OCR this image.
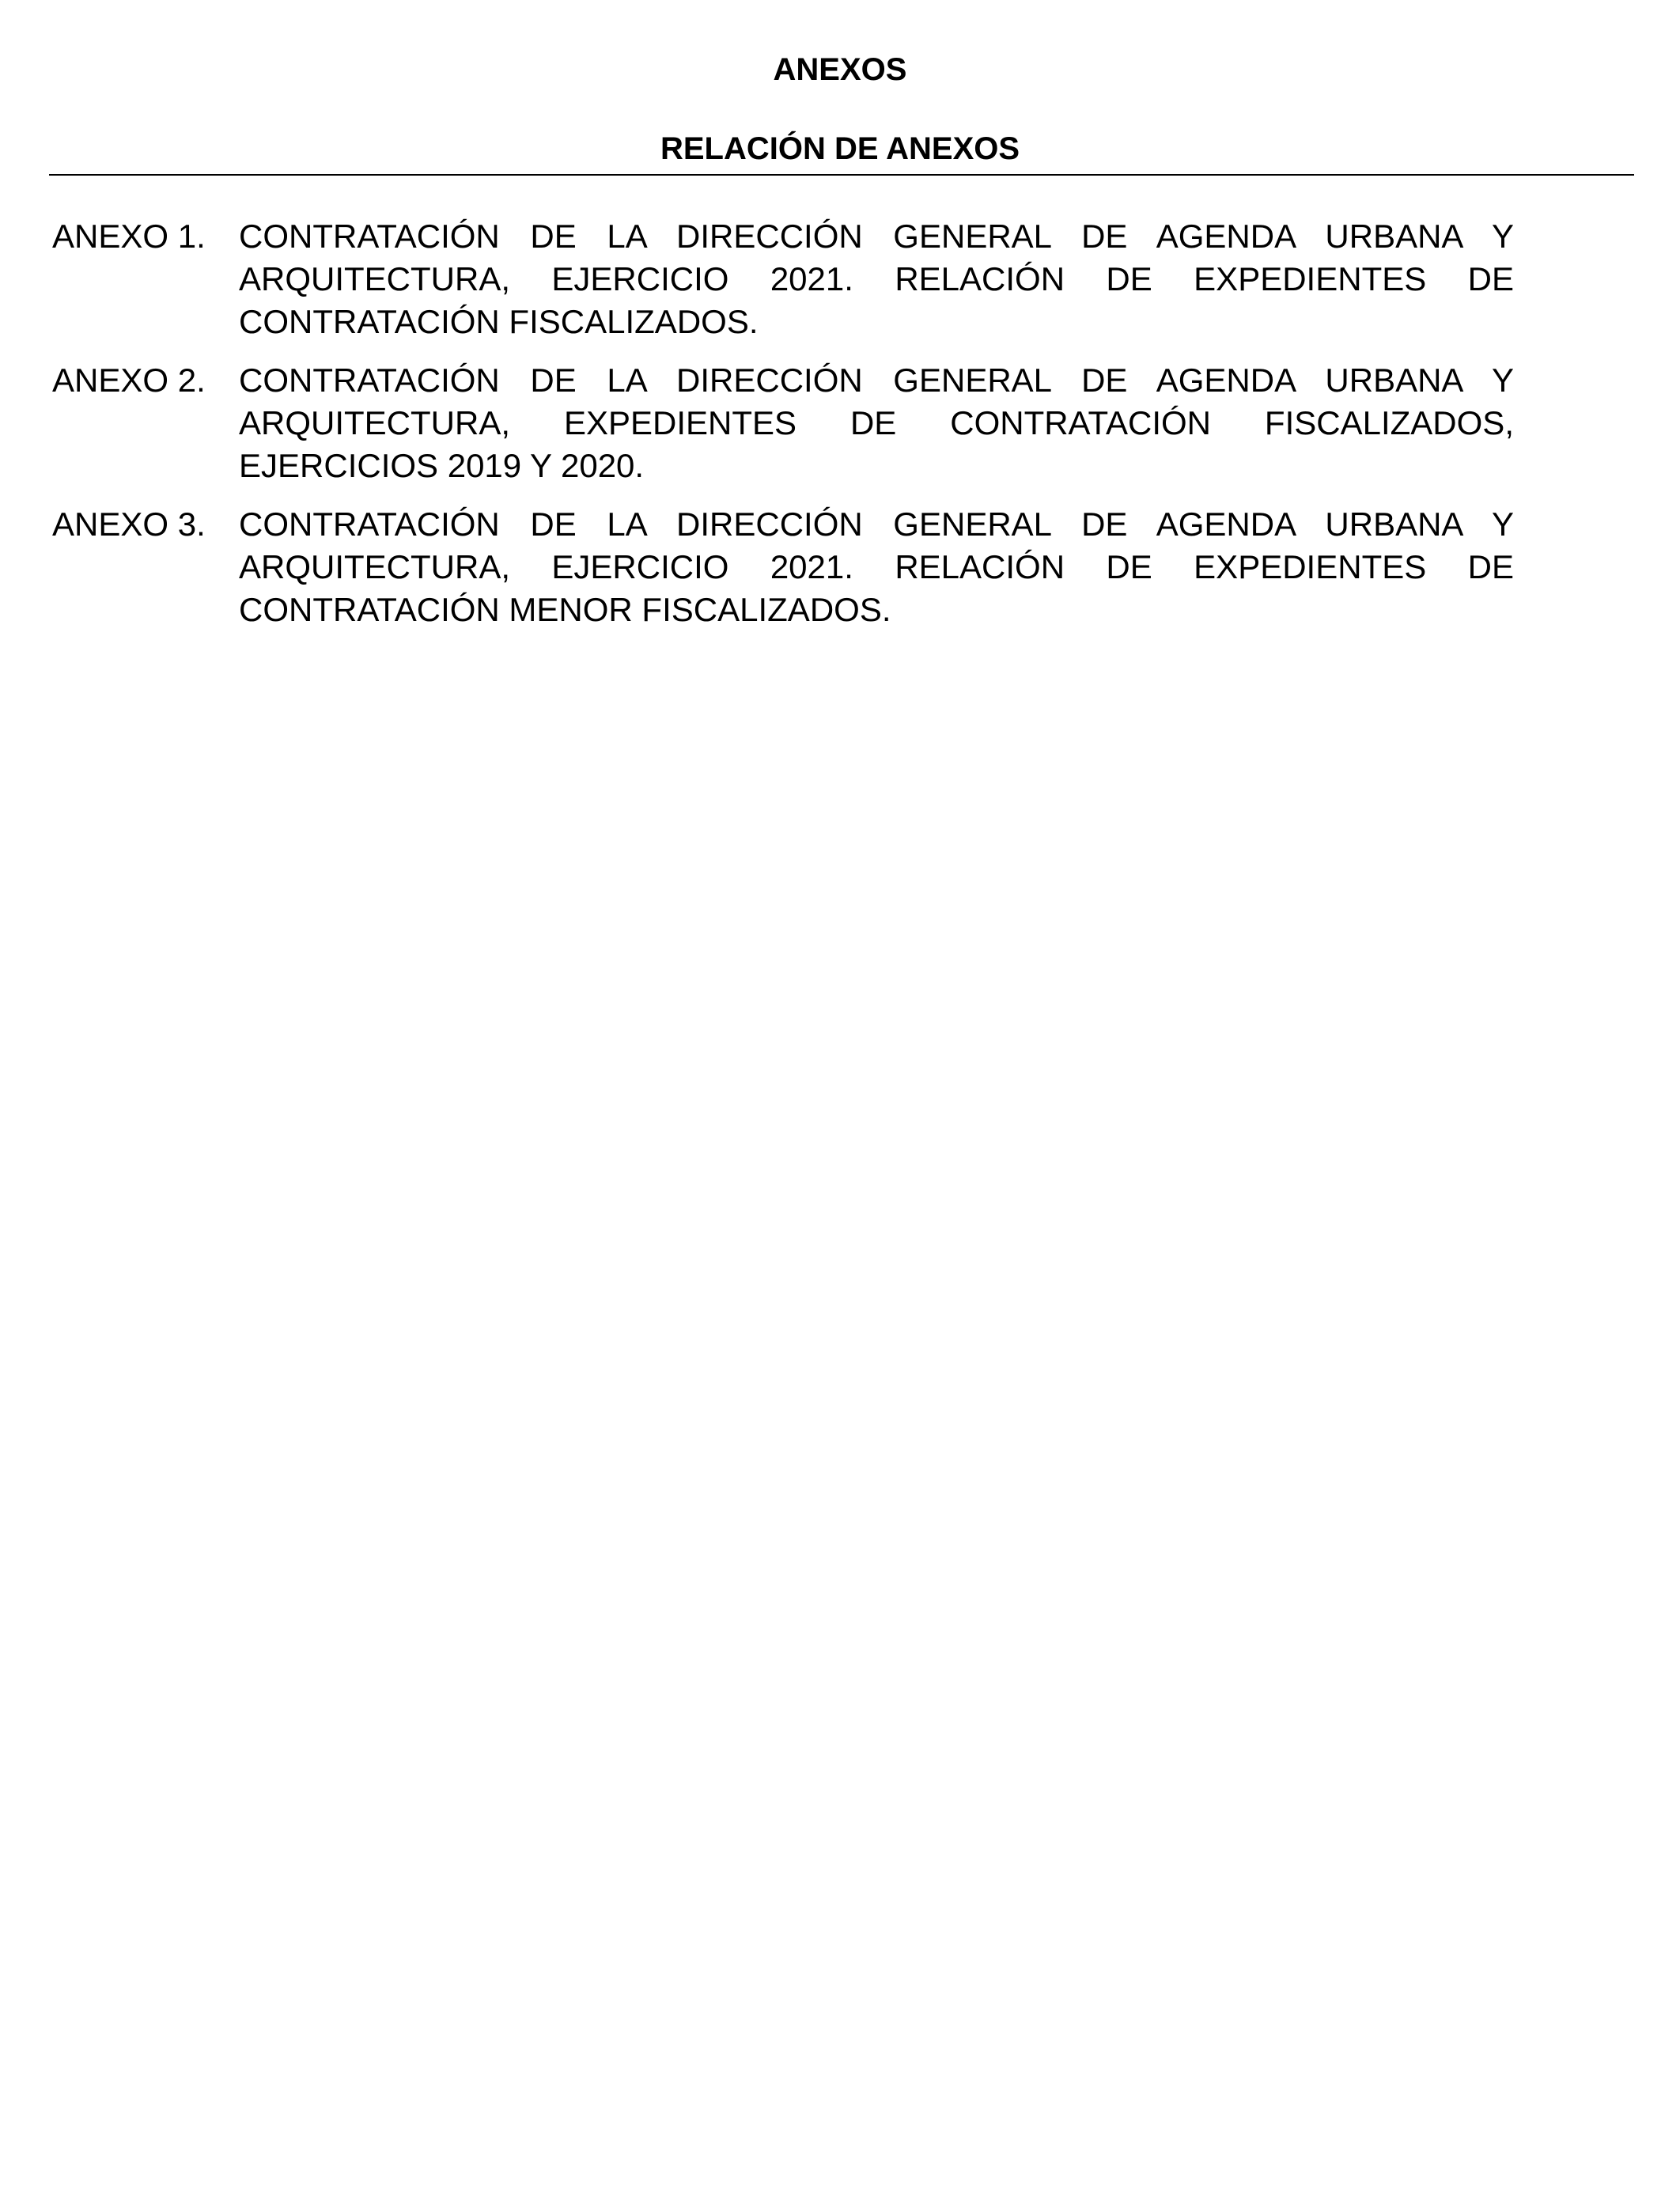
ANEXOS
RELACIÓN DE ANEXOS
ANEXO 1.	CONTRATACIÓN DE LA DIRECCIÓN GENERAL DE AGENDA URBANA Y ARQUITECTURA, EJERCICIO 2021. RELACIÓN DE EXPEDIENTES DE CONTRATACIÓN FISCALIZADOS.
ANEXO 2.	CONTRATACIÓN DE LA DIRECCIÓN GENERAL DE AGENDA URBANA Y ARQUITECTURA, EXPEDIENTES DE CONTRATACIÓN FISCALIZADOS, EJERCICIOS 2019 Y 2020.
ANEXO 3.	CONTRATACIÓN DE LA DIRECCIÓN GENERAL DE AGENDA URBANA Y ARQUITECTURA, EJERCICIO 2021. RELACIÓN DE EXPEDIENTES DE CONTRATACIÓN MENOR FISCALIZADOS.
